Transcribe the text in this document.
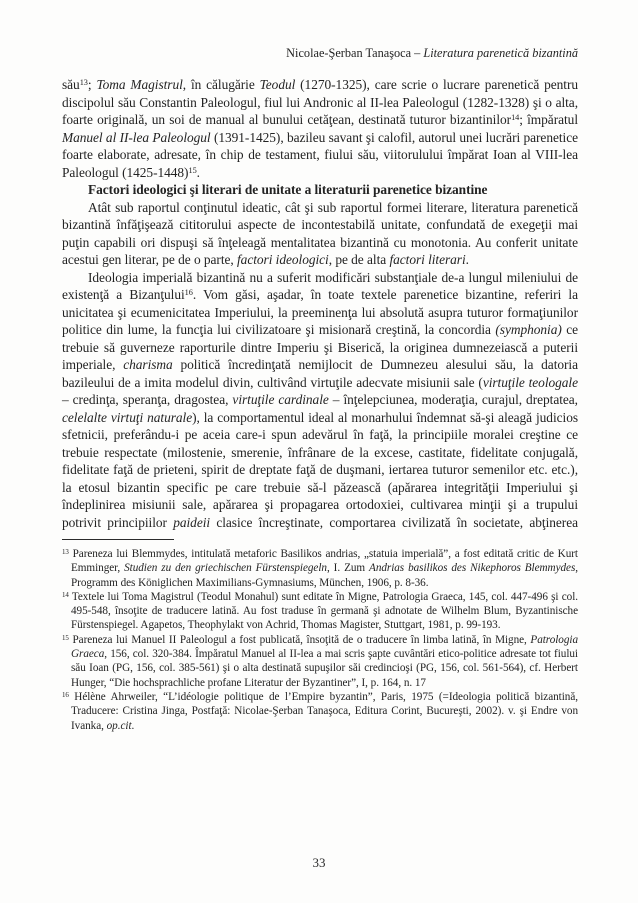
Nicolae-Şerban Tanaşoca – Literatura parenetică bizantină

său$^{13}$; Toma Magistrul, în călugărie Teodul (1270-1325), care scrie o lucrare parenetică pentru discipolul său Constantin Paleologul, fiul lui Andronic al II-lea Paleologul (1282-1328) şi o alta, foarte originală, un soi de manual al bunului cetăţean, destinată tuturor bizantinilor$^{14}$; împăratul Manuel al II-lea Paleologul (1391-1425), bazileu savant şi calofil, autorul unei lucrări parenetice foarte elaborate, adresate, în chip de testament, fiului său, viitorulului împărat Ioan al VIII-lea Paleologul (1425-1448)$^{15}$.

Factori ideologici şi literari de unitate a literaturii parenetice bizantine

Atât sub raportul conţinutul ideatic, cât şi sub raportul formei literare, literatura parenetică bizantină înfăţişează cititorului aspecte de incontestabilă unitate, confundată de exegeţii mai puţin capabili ori dispuşi să înţeleagă mentalitatea bizantină cu monotonia. Au conferit unitate acestui gen literar, pe de o parte, factori ideologici, pe de alta factori literari.

Ideologia imperială bizantină nu a suferit modificări substanţiale de-a lungul mileniului de existenţă a Bizanţului$^{16}$. Vom găsi, aşadar, în toate textele parenetice bizantine, referiri la unicitatea şi ecumenicitatea Imperiului, la preeminenţa lui absolută asupra tuturor formaţiunilor politice din lume, la funcţia lui civilizatoare şi misionară creştină, la concordia (symphonia) ce trebuie să guverneze raporturile dintre Imperiu şi Biserică, la originea dumnezeiască a puterii imperiale, charisma politică încredinţată nemijlocit de Dumnezeu alesului său, la datoria bazileului de a imita modelul divin, cultivând virtuţile adecvate misiunii sale (virtuţile teologale – credinţa, speranţa, dragostea, virtuţile cardinale – înţelepciunea, moderaţia, curajul, dreptatea, celelalte virtuţi naturale), la comportamentul ideal al monarhului îndemnat să-şi aleagă judicios sfetnicii, preferându-i pe aceia care-i spun adevărul în faţă, la principiile moralei creştine ce trebuie respectate (milostenie, smerenie, înfrânare de la excese, castitate, fidelitate conjugală, fidelitate faţă de prieteni, spirit de dreptate faţă de duşmani, iertarea tuturor semenilor etc. etc.), la etosul bizantin specific pe care trebuie să-l păzească (apărarea integrităţii Imperiului şi îndeplinirea misiunii sale, apărarea şi propagarea ortodoxiei, cultivarea minţii şi a trupului potrivit principiilor paideii clasice încreştinate, comportarea civilizată în societate, abţinerea

$^{13}$ Pareneza lui Blemmydes, intitulată metaforic Basilikos andrias, „statuia imperială”, a fost editată critic de Kurt Emminger, Studien zu den griechischen Fürstenspiegeln, I. Zum Andrias basilikos des Nikephoros Blemmydes, Programm des Königlichen Maximilians-Gymnasiums, München, 1906, p. 8-36.

$^{14}$ Textele lui Toma Magistrul (Teodul Monahul) sunt editate în Migne, Patrologia Graeca, 145, col. 447-496 şi col. 495-548, însoţite de traducere latină. Au fost traduse în germană şi adnotate de Wilhelm Blum, Byzantinische Fürstenspiegel. Agapetos, Theophylakt von Achrid, Thomas Magister, Stuttgart, 1981, p. 99-193.

$^{15}$ Pareneza lui Manuel II Paleologul a fost publicată, însoţită de o traducere în limba latină, în Migne, Patrologia Graeca, 156, col. 320-384. Împăratul Manuel al II-lea a mai scris şapte cuvântări etico-politice adresate tot fiului său Ioan (PG, 156, col. 385-561) şi o alta destinată supuşilor săi credincioşi (PG, 156, col. 561-564), cf. Herbert Hunger, “Die hochsprachliche profane Literatur der Byzantiner”, I, p. 164, n. 17

$^{16}$ Hélène Ahrweiler, “L’idéologie politique de l’Empire byzantin”, Paris, 1975 (=Ideologia politică bizantină, Traducere: Cristina Jinga, Postfaţă: Nicolae-Şerban Tanaşoca, Editura Corint, Bucureşti, 2002). v. şi Endre von Ivanka, op.cit.

33
